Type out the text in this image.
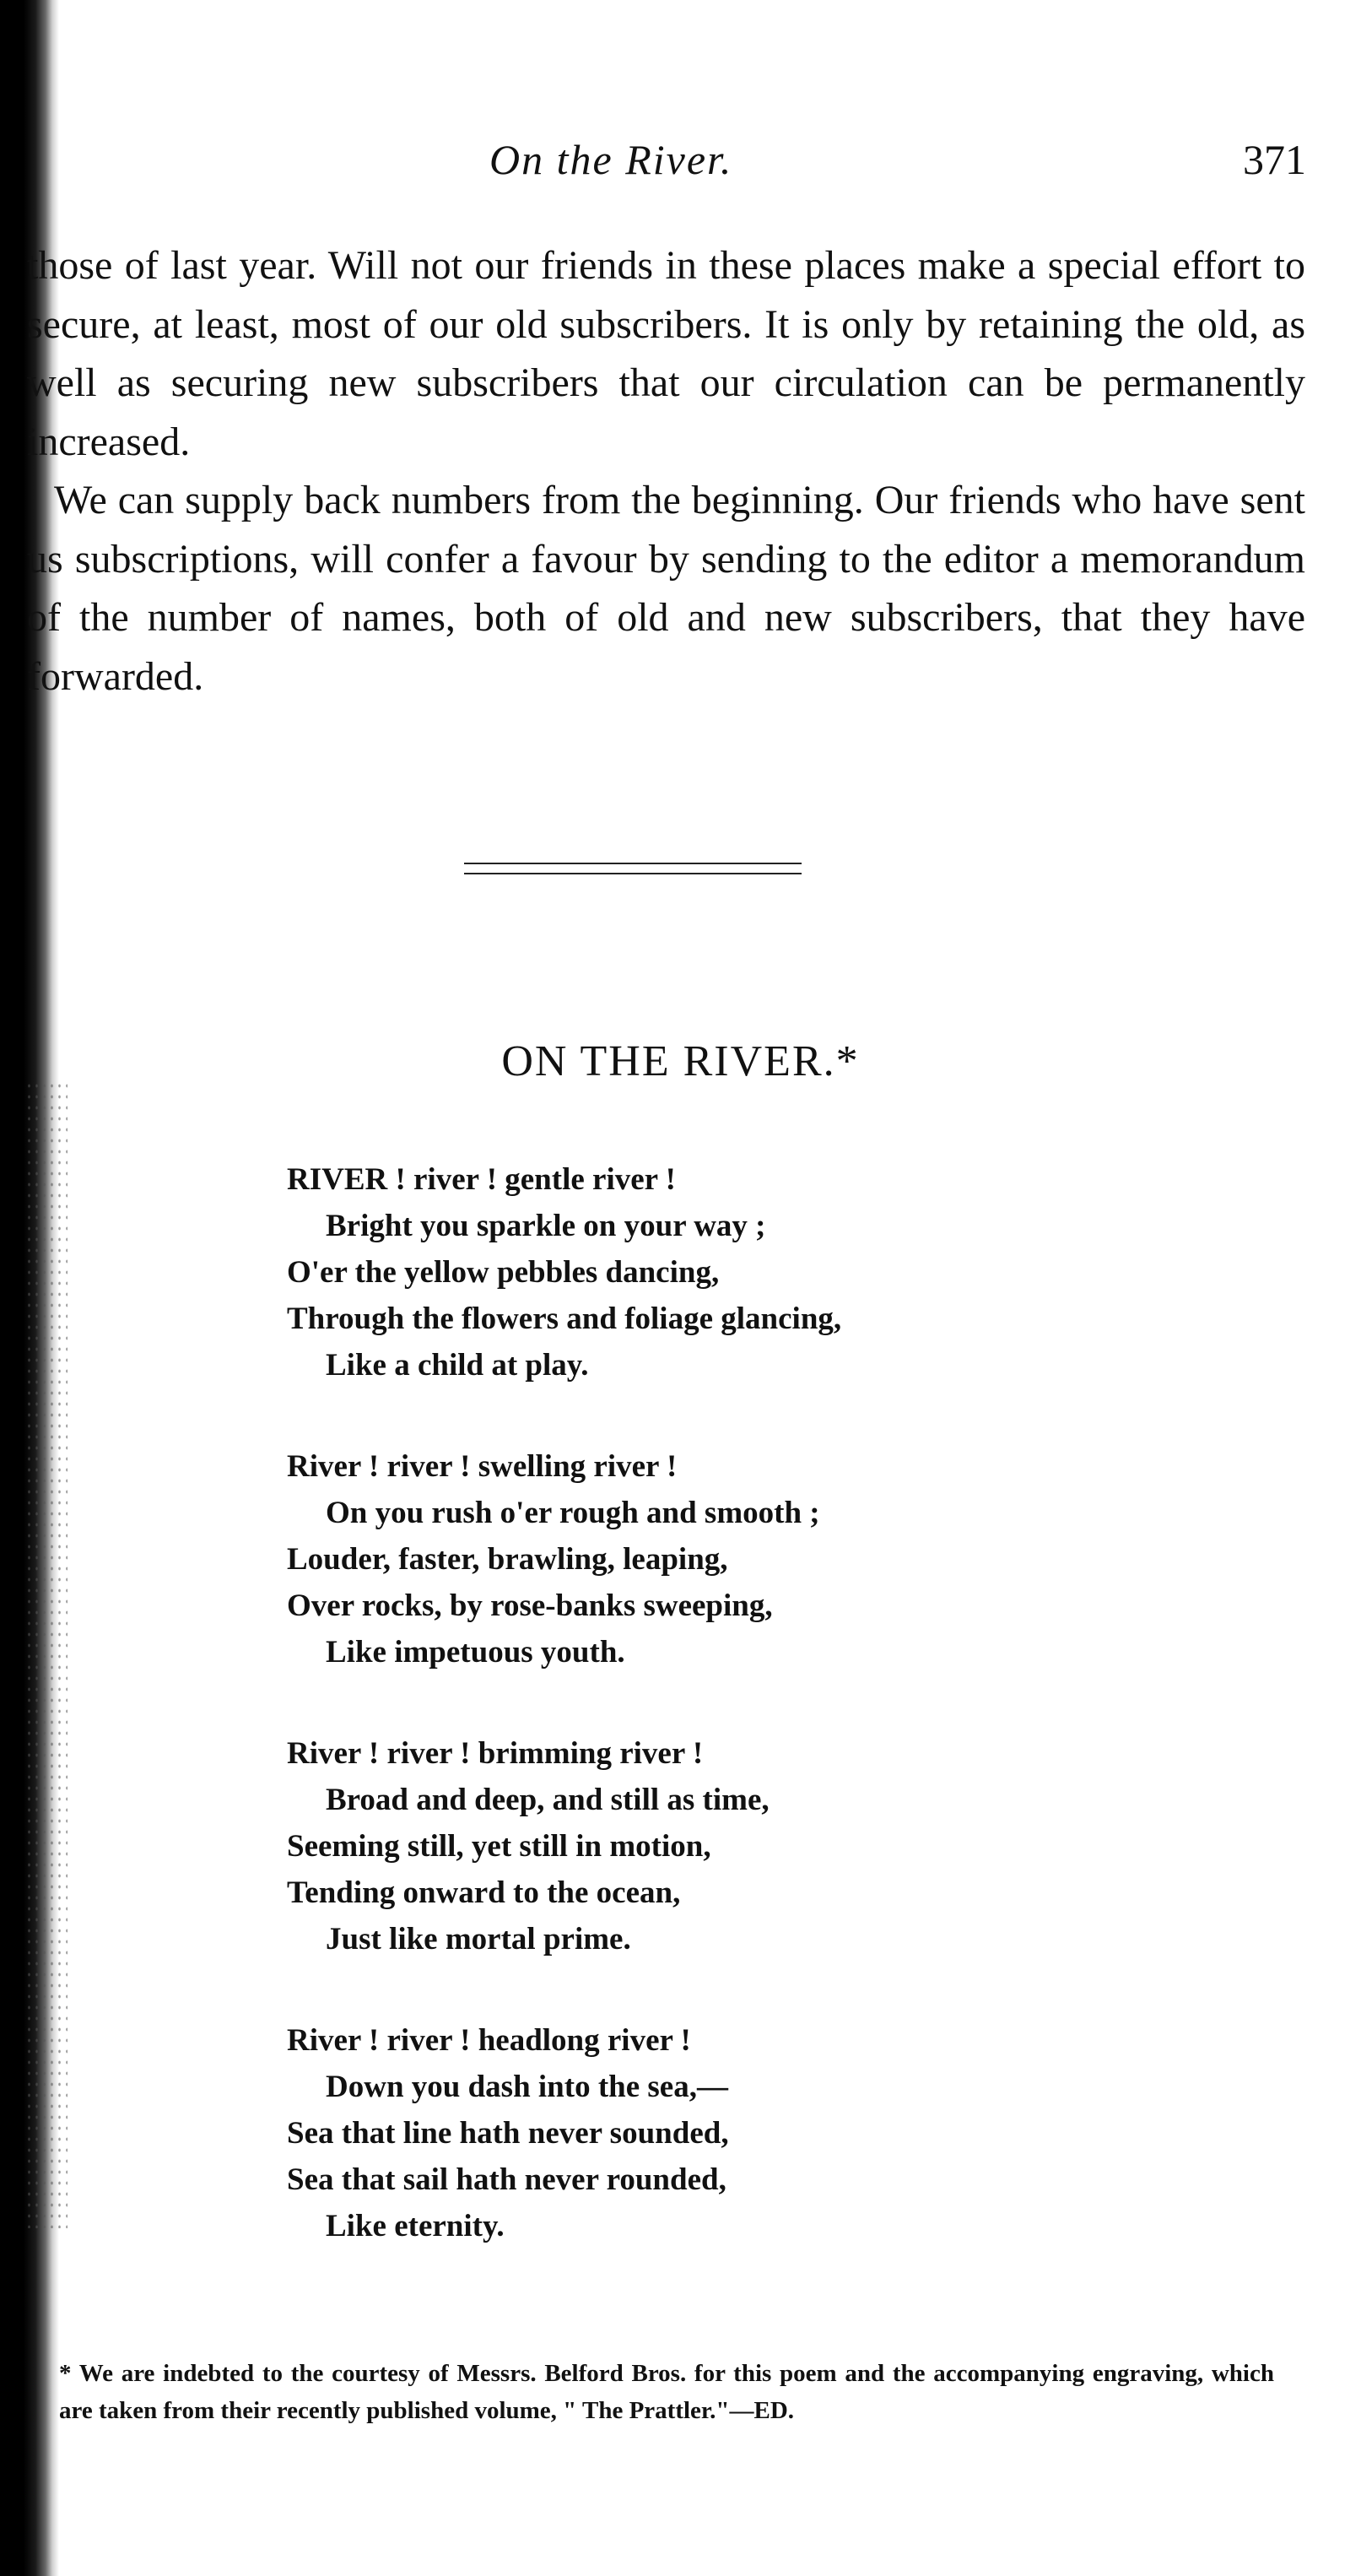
On the River.	371

those of last year. Will not our friends in these places make a special effort to secure, at least, most of our old subscribers. It is only by retaining the old, as well as securing new subscribers that our circulation can be permanently increased.

We can supply back numbers from the beginning. Our friends who have sent us subscriptions, will confer a favour by sending to the editor a memorandum of the number of names, both of old and new subscribers, that they have forwarded.

ON THE RIVER.*
RIVER ! river ! gentle river !
Bright you sparkle on your way ;
O'er the yellow pebbles dancing,
Through the flowers and foliage glancing,
Like a child at play.
River ! river ! swelling river !
On you rush o'er rough and smooth ;
Louder, faster, brawling, leaping,
Over rocks, by rose-banks sweeping,
Like impetuous youth.
River ! river ! brimming river !
Broad and deep, and still as time,
Seeming still, yet still in motion,
Tending onward to the ocean,
Just like mortal prime.
River ! river ! headlong river !
Down you dash into the sea,—
Sea that line hath never sounded,
Sea that sail hath never rounded,
Like eternity.

* We are indebted to the courtesy of Messrs. Belford Bros. for this poem and the accompanying engraving, which are taken from their recently published volume, " The Prattler."—ED.
